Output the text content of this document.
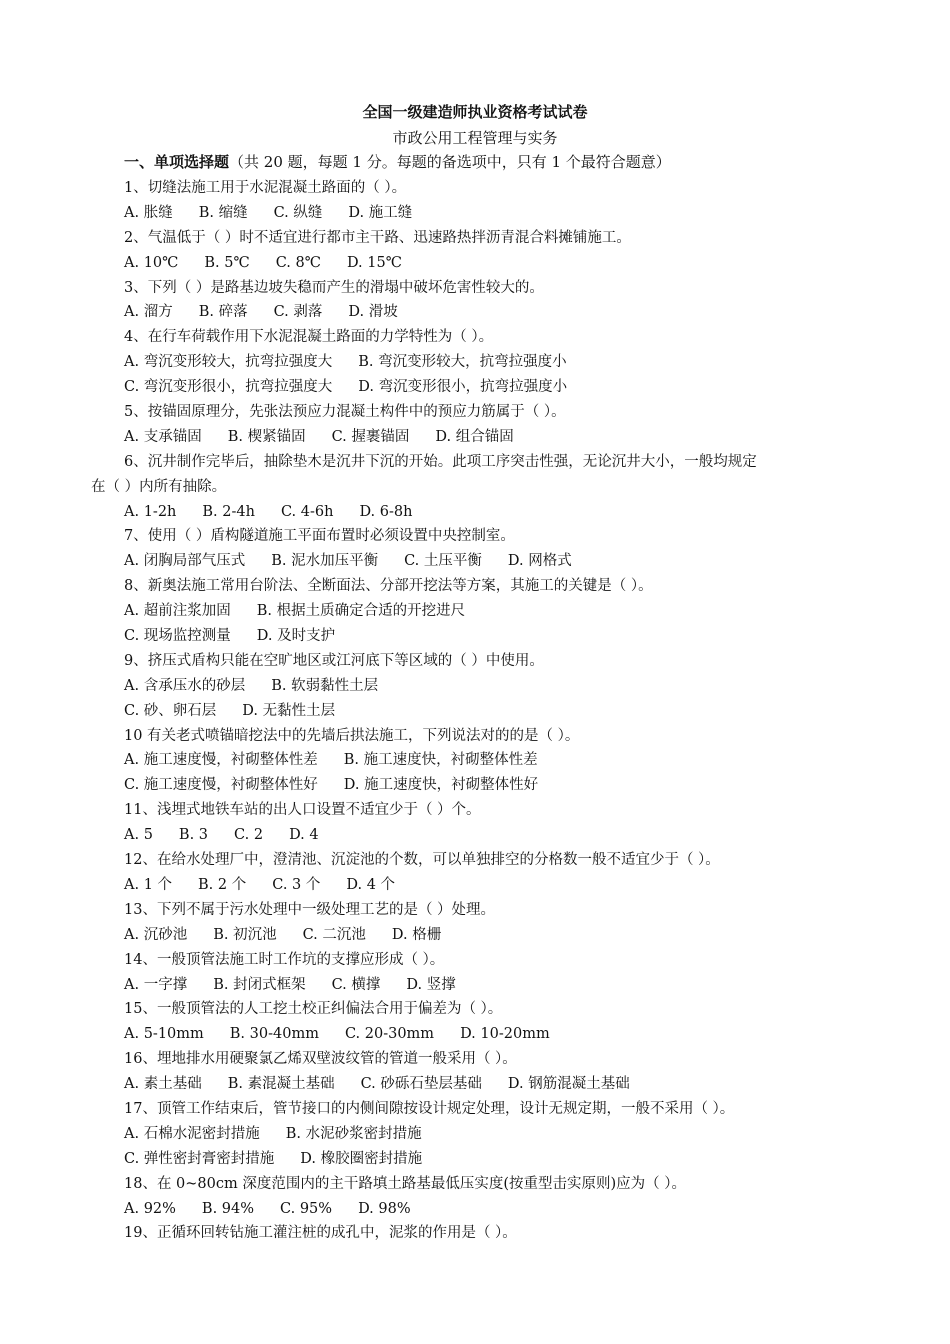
全国一级建造师执业资格考试试卷
市政公用工程管理与实务
一、单项选择题（共 20 题，每题 1 分。每题的备选项中，只有 1 个最符合题意）
1、切缝法施工用于水泥混凝土路面的（ ）。
A. 胀缝 B. 缩缝 C. 纵缝 D. 施工缝
2、气温低于（ ）时不适宜进行都市主干路、迅速路热拌沥青混合料摊铺施工。
A. 10℃ B. 5℃ C. 8℃ D. 15℃
3、下列（ ）是路基边坡失稳而产生的滑塌中破坏危害性较大的。
A. 溜方 B. 碎落 C. 剥落 D. 滑坡
4、在行车荷载作用下水泥混凝土路面的力学特性为（ ）。
A. 弯沉变形较大，抗弯拉强度大 B. 弯沉变形较大，抗弯拉强度小
C. 弯沉变形很小，抗弯拉强度大 D. 弯沉变形很小，抗弯拉强度小
5、按锚固原理分，先张法预应力混凝土构件中的预应力筋属于（ ）。
A. 支承锚固 B. 楔紧锚固 C. 握裹锚固 D. 组合锚固
6、沉井制作完毕后，抽除垫木是沉井下沉的开始。此项工序突击性强，无论沉井大小，一般均规定
在（ ）内所有抽除。
A. 1-2h B. 2-4h C. 4-6h D. 6-8h
7、使用（ ）盾构隧道施工平面布置时必须设置中央控制室。
A. 闭胸局部气压式 B. 泥水加压平衡 C. 土压平衡 D. 网格式
8、新奥法施工常用台阶法、全断面法、分部开挖法等方案，其施工的关键是（ ）。
A. 超前注浆加固 B. 根据土质确定合适的开挖进尺
C. 现场监控测量 D. 及时支护
9、挤压式盾构只能在空旷地区或江河底下等区域的（ ）中使用。
A. 含承压水的砂层 B. 软弱黏性土层
C. 砂、卵石层 D. 无黏性土层
10 有关老式喷锚暗挖法中的先墙后拱法施工，下列说法对的的是（ ）。
A. 施工速度慢，衬砌整体性差 B. 施工速度快，衬砌整体性差
C. 施工速度慢，衬砌整体性好 D. 施工速度快，衬砌整体性好
11、浅埋式地铁车站的出人口设置不适宜少于（ ）个。
A. 5 B. 3 C. 2 D. 4
12、在给水处理厂中，澄清池、沉淀池的个数，可以单独排空的分格数一般不适宜少于（ ）。
A. 1 个 B. 2 个 C. 3 个 D. 4 个
13、下列不属于污水处理中一级处理工艺的是（ ）处理。
A. 沉砂池 B. 初沉池 C. 二沉池 D. 格栅
14、一般顶管法施工时工作坑的支撑应形成（ ）。
A. 一字撑 B. 封闭式框架 C. 横撑 D. 竖撑
15、一般顶管法的人工挖土校正纠偏法合用于偏差为（ ）。
A. 5-10mm B. 30-40mm C. 20-30mm D. 10-20mm
16、埋地排水用硬聚氯乙烯双壁波纹管的管道一般采用（ ）。
A. 素土基础 B. 素混凝土基础 C. 砂砾石垫层基础 D. 钢筋混凝土基础
17、顶管工作结束后，管节接口的内侧间隙按设计规定处理，设计无规定期，一般不采用（ ）。
A. 石棉水泥密封措施 B. 水泥砂浆密封措施
C. 弹性密封膏密封措施 D. 橡胶圈密封措施
18、在 0~80cm 深度范围内的主干路填土路基最低压实度(按重型击实原则)应为（ ）。
A. 92% B. 94% C. 95% D. 98%
19、正循环回转钻施工灌注桩的成孔中，泥浆的作用是（ ）。
